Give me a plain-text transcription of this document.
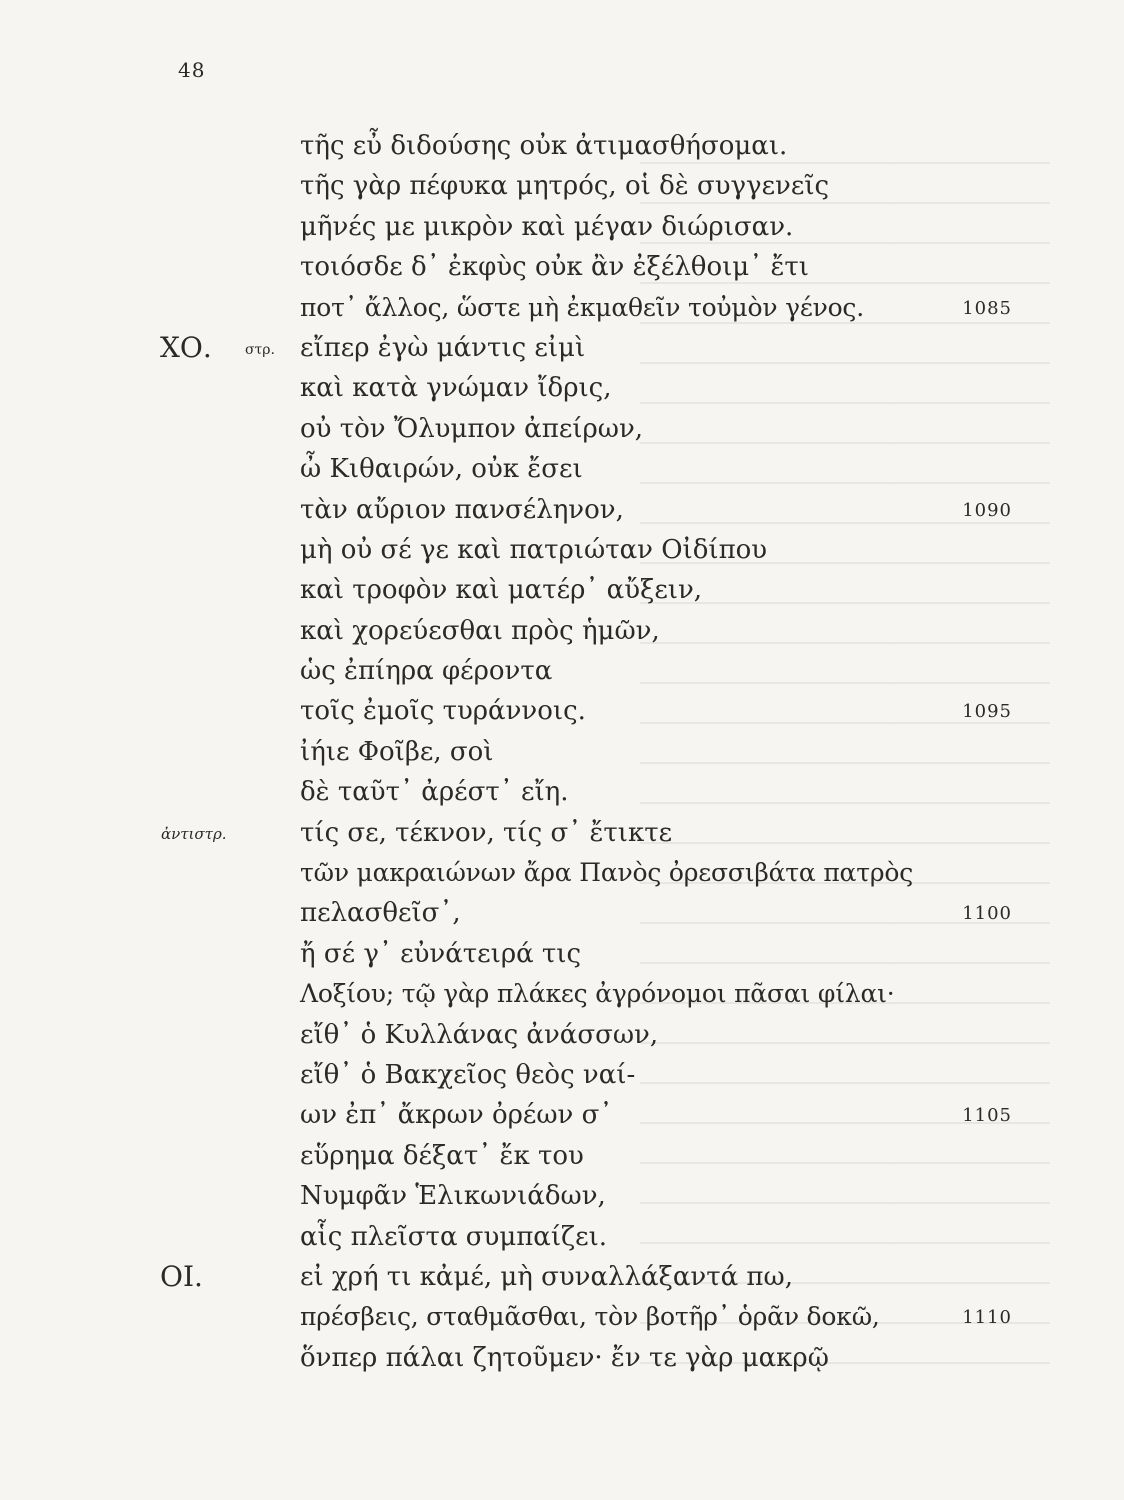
48
τῆς εὖ διδούσης οὐκ ἀτιμασθήσομαι.
τῆς γὰρ πέφυκα μητρός, οἱ δὲ συγγενεῖς
μῆνές με μικρὸν καὶ μέγαν διώρισαν.
τοιόσδε δ᾽ ἐκφὺς οὐκ ἂν ἐξέλθοιμ᾽ ἔτι
ποτ᾽ ἄλλος, ὥστε μὴ ἐκμαθεῖν τοὐμὸν γένος.	1085
ΧΟ. στρ. εἴπερ ἐγὼ μάντις εἰμὶ
καὶ κατὰ γνώμαν ἴδρις,
οὐ τὸν Ὄλυμπον ἀπείρων,
ὦ Κιθαιρών, οὐκ ἔσει
τὰν αὔριον πανσέληνον,	1090
μὴ οὐ σέ γε καὶ πατριώταν Οἰδίπου
καὶ τροφὸν καὶ ματέρ᾽ αὔξειν,
καὶ χορεύεσθαι πρὸς ἡμῶν,
ὡς ἐπίηρα φέροντα
τοῖς ἐμοῖς τυράννοις.	1095
ἰήιε Φοῖβε, σοὶ
δὲ ταῦτ᾽ ἀρέστ᾽ εἴη.
ἀντιστρ.	τίς σε, τέκνον, τίς σ᾽ ἔτικτε
τῶν μακραιώνων ἄρα Πανὸς ὀρεσσιβάτα πατρὸς
πελασθεῖσ᾽,	1100
ἤ σέ γ᾽ εὐνάτειρά τις
Λοξίου; τῷ γὰρ πλάκες ἀγρόνομοι πᾶσαι φίλαι·
εἴθ᾽ ὁ Κυλλάνας ἀνάσσων,
εἴθ᾽ ὁ Βακχεῖος θεὸς ναί-
ων ἐπ᾽ ἄκρων ὀρέων σ᾽	1105
εὕρημα δέξατ᾽ ἔκ του
Νυμφᾶν Ἑλικωνιάδων,
αἷς πλεῖστα συμπαίζει.
ΟΙ.	εἰ χρή τι κἀμέ, μὴ συναλλάξαντά πω,
πρέσβεις, σταθμᾶσθαι, τὸν βοτῆρ᾽ ὁρᾶν δοκῶ,	1110
ὅνπερ πάλαι ζητοῦμεν· ἔν τε γὰρ μακρῷ
